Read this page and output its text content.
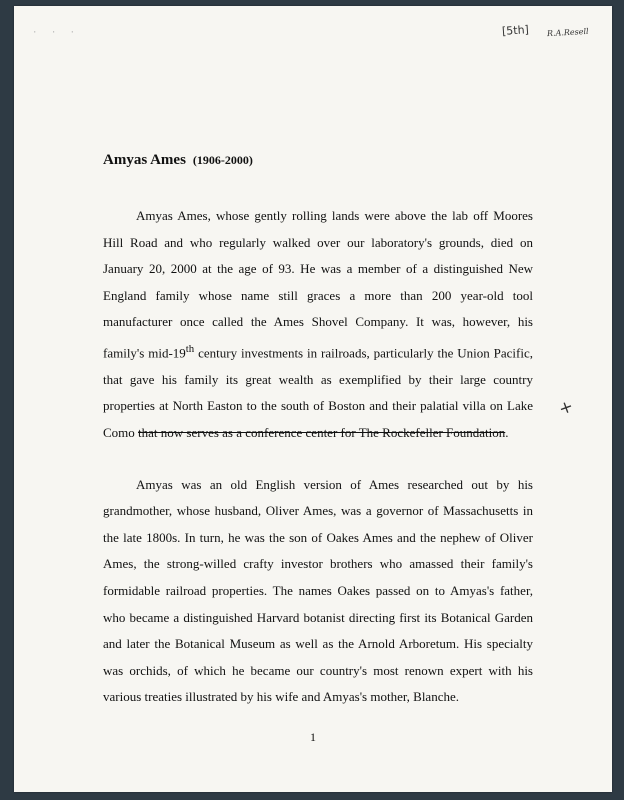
· · ·	[5th] R.A.Resell

Amyas Ames (1906-2000)

Amyas Ames, whose gently rolling lands were above the lab off Moores Hill Road and who regularly walked over our laboratory's grounds, died on January 20, 2000 at the age of 93. He was a member of a distinguished New England family whose name still graces a more than 200 year-old tool manufacturer once called the Ames Shovel Company. It was, however, his family's mid-19th century investments in railroads, particularly the Union Pacific, that gave his family its great wealth as exemplified by their large country properties at North Easton to the south of Boston and their palatial villa on Lake Como that now serves as a conference center for The Rockefeller Foundation.

Amyas was an old English version of Ames researched out by his grandmother, whose husband, Oliver Ames, was a governor of Massachusetts in the late 1800s. In turn, he was the son of Oakes Ames and the nephew of Oliver Ames, the strong-willed crafty investor brothers who amassed their family's formidable railroad properties. The names Oakes passed on to Amyas's father, who became a distinguished Harvard botanist directing first its Botanical Garden and later the Botanical Museum as well as the Arnold Arboretum. His specialty was orchids, of which he became our country's most renown expert with his various treaties illustrated by his wife and Amyas's mother, Blanche.

+
1
